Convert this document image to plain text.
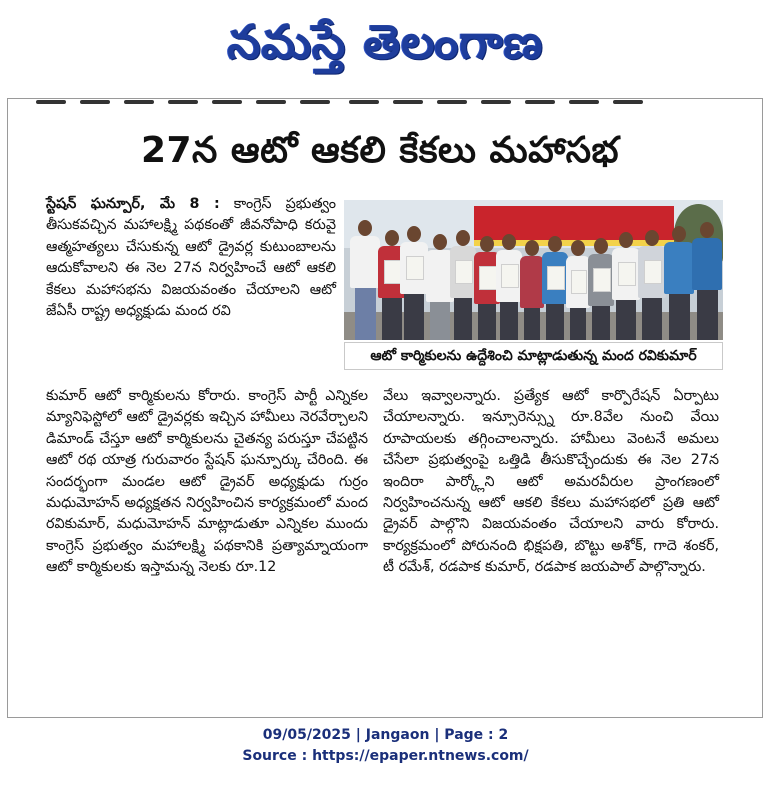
నమస్తే తెలంగాణ

27న ఆటో ఆకలి కేకలు మహాసభ

స్టేషన్ ఘన్పూర్, మే 8 : కాంగ్రెస్ ప్రభుత్వం తీసుకవచ్చిన మహాలక్ష్మి పథకంతో జీవనోపాధి కరువై ఆత్మహత్యలు చేసుకున్న ఆటో డ్రైవర్ల కుటుంబాలను ఆదుకోవాలని ఈ నెల 27న నిర్వహించే ఆటో ఆకలి కేకలు మహాసభను విజయవంతం చేయాలని ఆటో జేఏసీ రాష్ట్ర అధ్యక్షుడు మంద రవి

ఆటో కార్మికులను ఉద్దేశించి మాట్లాడుతున్న మంద రవికుమార్

కుమార్ ఆటో కార్మికులను కోరారు. కాంగ్రెస్ పార్టీ ఎన్నికల మ్యానిఫెస్టోలో ఆటో డ్రైవర్లకు ఇచ్చిన హామీలు నెరవేర్చాలని డిమాండ్ చేస్తూ ఆటో కార్మికులను చైతన్య పరుస్తూ చేపట్టిన ఆటో రథ యాత్ర గురువారం స్టేషన్ ఘన్పూర్కు చేరింది. ఈ సందర్భంగా మండల ఆటో డ్రైవర్ అధ్యక్షుడు గుర్రం మధుమోహన్ అధ్యక్షతన నిర్వహించిన కార్యక్రమంలో మంద రవికుమార్, మధుమోహన్ మాట్లాడుతూ ఎన్నికల ముందు కాంగ్రెస్ ప్రభుత్వం మహాలక్ష్మి పథకానికి ప్రత్యామ్నాయంగా ఆటో కార్మికులకు ఇస్తామన్న నెలకు రూ.12

వేలు ఇవ్వాలన్నారు. ప్రత్యేక ఆటో కార్పొరేషన్ ఏర్పాటు చేయాలన్నారు. ఇన్సూరెన్స్ను రూ.8వేల నుంచి వేయి రూపాయలకు తగ్గించాలన్నారు. హామీలు వెంటనే అమలు చేసేలా ప్రభుత్వంపై ఒత్తిడి తీసుకొచ్చేందుకు ఈ నెల 27న ఇందిరా పార్క్లోని ఆటో అమరవీరుల ప్రాంగణంలో నిర్వహించనున్న ఆటో ఆకలి కేకలు మహాసభలో ప్రతి ఆటో డ్రైవర్ పాల్గొని విజయవంతం చేయాలని వారు కోరారు. కార్యక్రమంలో పోరునంది భిక్షపతి, బొట్టు అశోక్, గాదె శంకర్, టీ రమేశ్, రడపాక కుమార్, రడపాక జయపాల్ పాల్గొన్నారు.

09/05/2025 | Jangaon | Page : 2
Source : https://epaper.ntnews.com/
